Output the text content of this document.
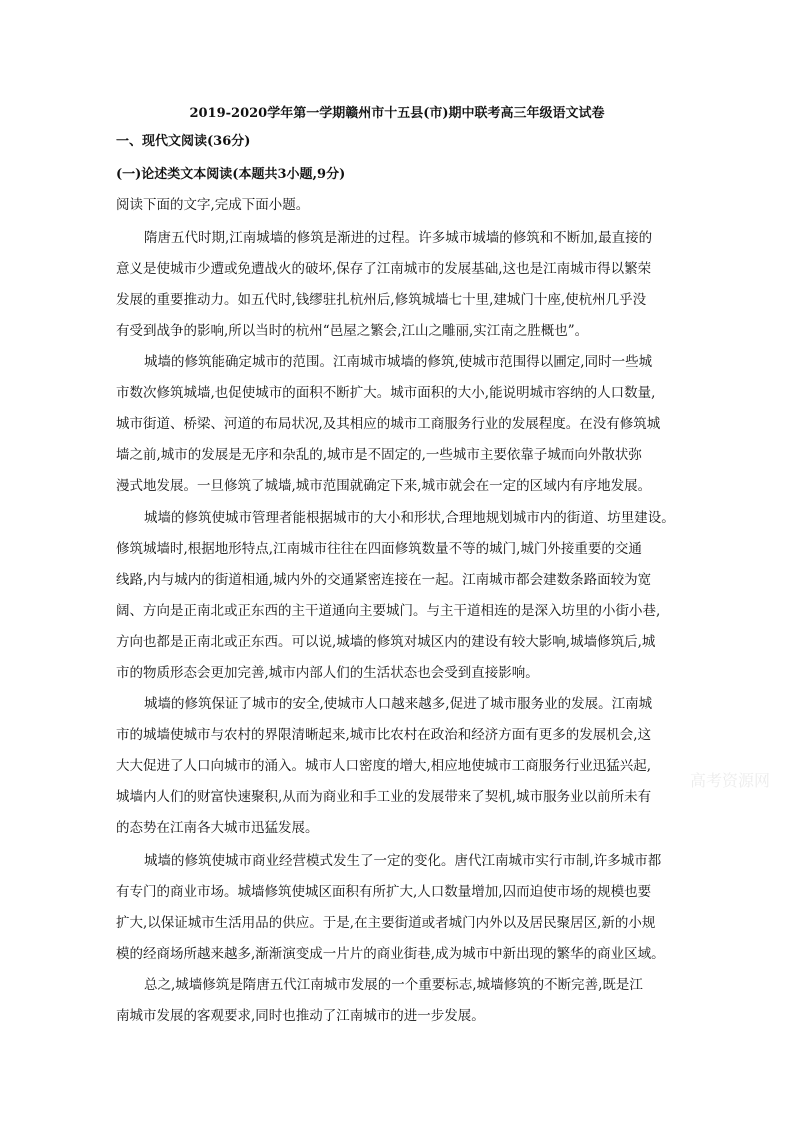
2019-2020学年第一学期赣州市十五县(市)期中联考高三年级语文试卷
一、现代文阅读(36分)
(一)论述类文本阅读(本题共3小题,9分)
阅读下面的文字,完成下面小题。
隋唐五代时期,江南城墙的修筑是渐进的过程。许多城市城墙的修筑和不断加,最直接的
意义是使城市少遭或免遭战火的破坏,保存了江南城市的发展基础,这也是江南城市得以繁荣
发展的重要推动力。如五代时,钱缪驻扎杭州后,修筑城墙七十里,建城门十座,使杭州几乎没
有受到战争的影响,所以当时的杭州“邑屋之繁会,江山之雕丽,实江南之胜概也”。
城墙的修筑能确定城市的范围。江南城市城墙的修筑,使城市范围得以圃定,同时一些城
市数次修筑城墙,也促使城市的面积不断扩大。城市面积的大小,能说明城市容纳的人口数量,
城市街道、桥梁、河道的布局状况,及其相应的城市工商服务行业的发展程度。在没有修筑城
墙之前,城市的发展是无序和杂乱的,城市是不固定的,一些城市主要依靠子城而向外散状弥
漫式地发展。一旦修筑了城墙,城市范围就确定下来,城市就会在一定的区域内有序地发展。
城墙的修筑使城市管理者能根据城市的大小和形状,合理地规划城市内的街道、坊里建设。
修筑城墙时,根据地形特点,江南城市往往在四面修筑数量不等的城门,城门外接重要的交通
线路,内与城内的街道相通,城内外的交通紧密连接在一起。江南城市都会建数条路面较为宽
阔、方向是正南北或正东西的主干道通向主要城门。与主干道相连的是深入坊里的小街小巷,
方向也都是正南北或正东西。可以说,城墙的修筑对城区内的建设有较大影响,城墙修筑后,城
市的物质形态会更加完善,城市内部人们的生活状态也会受到直接影响。
城墙的修筑保证了城市的安全,使城市人口越来越多,促进了城市服务业的发展。江南城
市的城墙使城市与农村的界限清晰起来,城市比农村在政治和经济方面有更多的发展机会,这
大大促进了人口向城市的涌入。城市人口密度的增大,相应地使城市工商服务行业迅猛兴起,
城墙内人们的财富快速聚积,从而为商业和手工业的发展带来了契机,城市服务业以前所未有
的态势在江南各大城市迅猛发展。
城墙的修筑使城市商业经营模式发生了一定的变化。唐代江南城市实行市制,许多城市都
有专门的商业市场。城墙修筑使城区面积有所扩大,人口数量增加,囚而迫使市场的规模也要
扩大,以保证城市生活用品的供应。于是,在主要街道或者城门内外以及居民聚居区,新的小规
模的经商场所越来越多,渐渐演变成一片片的商业街巷,成为城市中新出现的繁华的商业区域。
总之,城墙修筑是隋唐五代江南城市发展的一个重要标志,城墙修筑的不断完善,既是江
南城市发展的客观要求,同时也推动了江南城市的进一步发展。
高考资源网
